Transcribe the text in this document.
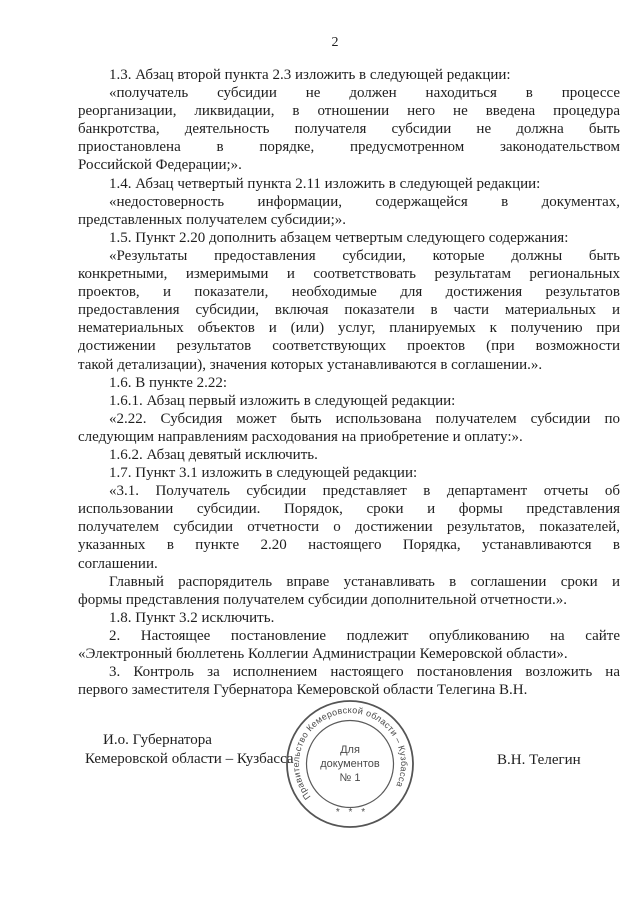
2

1.3. Абзац второй пункта 2.3 изложить в следующей редакции:

«получатель субсидии не должен находиться в процессе
реорганизации, ликвидации, в отношении него не введена процедура
банкротства, деятельность получателя субсидии не должна быть
приостановлена в порядке, предусмотренном законодательством
Российской Федерации;».

1.4. Абзац четвертый пункта 2.11 изложить в следующей редакции:

«недостоверность информации, содержащейся в документах,
представленных получателем субсидии;».

1.5. Пункт 2.20 дополнить абзацем четвертым следующего содержания:

«Результаты предоставления субсидии, которые должны быть
конкретными, измеримыми и соответствовать результатам региональных
проектов, и показатели, необходимые для достижения результатов
предоставления субсидии, включая показатели в части материальных и
нематериальных объектов и (или) услуг, планируемых к получению при
достижении результатов соответствующих проектов (при возможности
такой детализации), значения которых устанавливаются в соглашении.».

1.6. В пункте 2.22:

1.6.1. Абзац первый изложить в следующей редакции:

«2.22. Субсидия может быть использована получателем субсидии по
следующим направлениям расходования на приобретение и оплату:».

1.6.2. Абзац девятый исключить.

1.7. Пункт 3.1 изложить в следующей редакции:

«3.1. Получатель субсидии представляет в департамент отчеты об
использовании субсидии. Порядок, сроки и формы представления
получателем субсидии отчетности о достижении результатов, показателей,
указанных в пункте 2.20 настоящего Порядка, устанавливаются в
соглашении.

Главный распорядитель вправе устанавливать в соглашении сроки и
формы представления получателем субсидии дополнительной отчетности.».

1.8. Пункт 3.2 исключить.

2. Настоящее постановление подлежит опубликованию на сайте
«Электронный бюллетень Коллегии Администрации Кемеровской области».

3. Контроль за исполнением настоящего постановления возложить на
первого заместителя Губернатора Кемеровской области Телегина В.Н.

И.о. Губернатора
Кемеровской области – Кузбасса	В.Н. Телегин
Правительство Кемеровской области – Кузбасса
* * *
Для
документов
№ 1
